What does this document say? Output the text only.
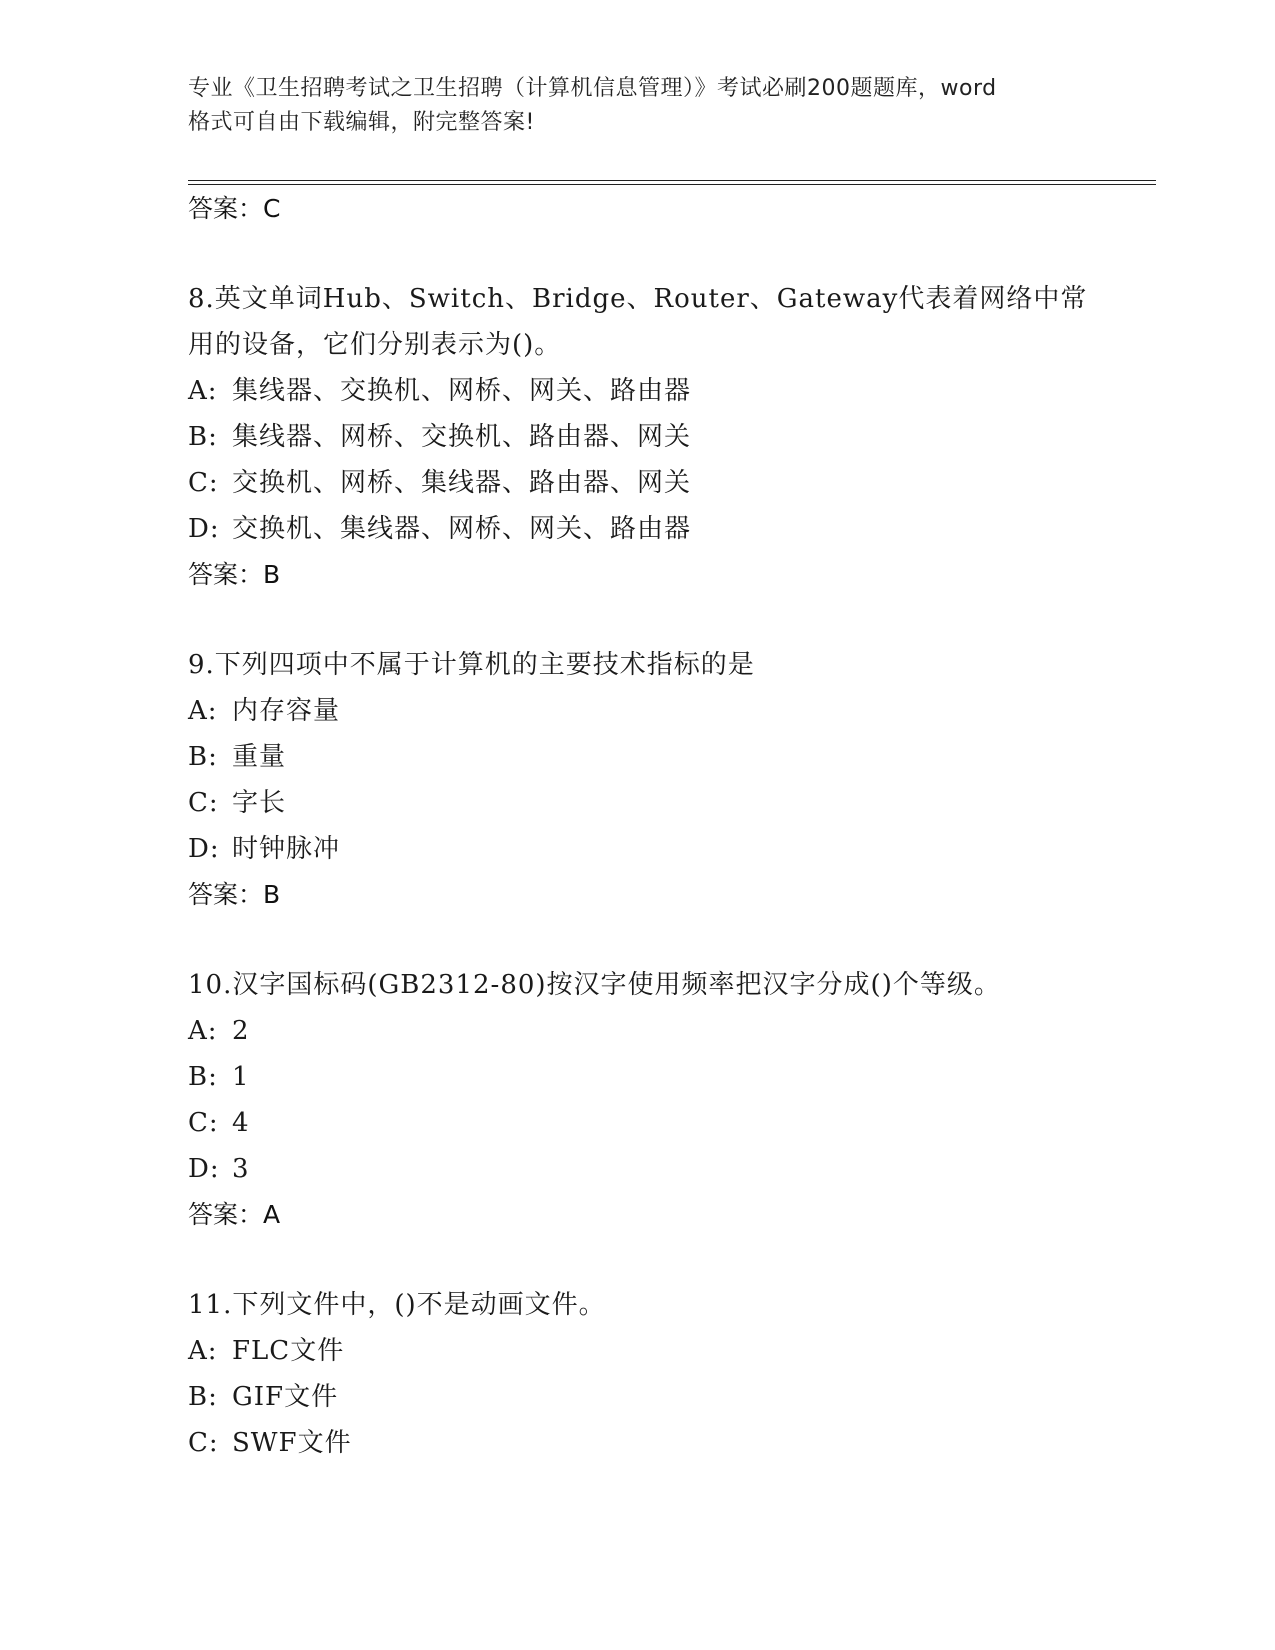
专业《卫生招聘考试之卫生招聘（计算机信息管理）》考试必刷200题题库，word
格式可自由下载编辑，附完整答案!
答案：C
8.英文单词Hub、Switch、Bridge、Router、Gateway代表着网络中常
用的设备，它们分别表示为()。
A: 集线器、交换机、网桥、网关、路由器
B: 集线器、网桥、交换机、路由器、网关
C: 交换机、网桥、集线器、路由器、网关
D: 交换机、集线器、网桥、网关、路由器
答案：B
9.下列四项中不属于计算机的主要技术指标的是
A: 内存容量
B: 重量
C: 字长
D: 时钟脉冲
答案：B
10.汉字国标码(GB2312-80)按汉字使用频率把汉字分成()个等级。
A: 2
B: 1
C: 4
D: 3
答案：A
11.下列文件中，()不是动画文件。
A: FLC文件
B: GIF文件
C: SWF文件
